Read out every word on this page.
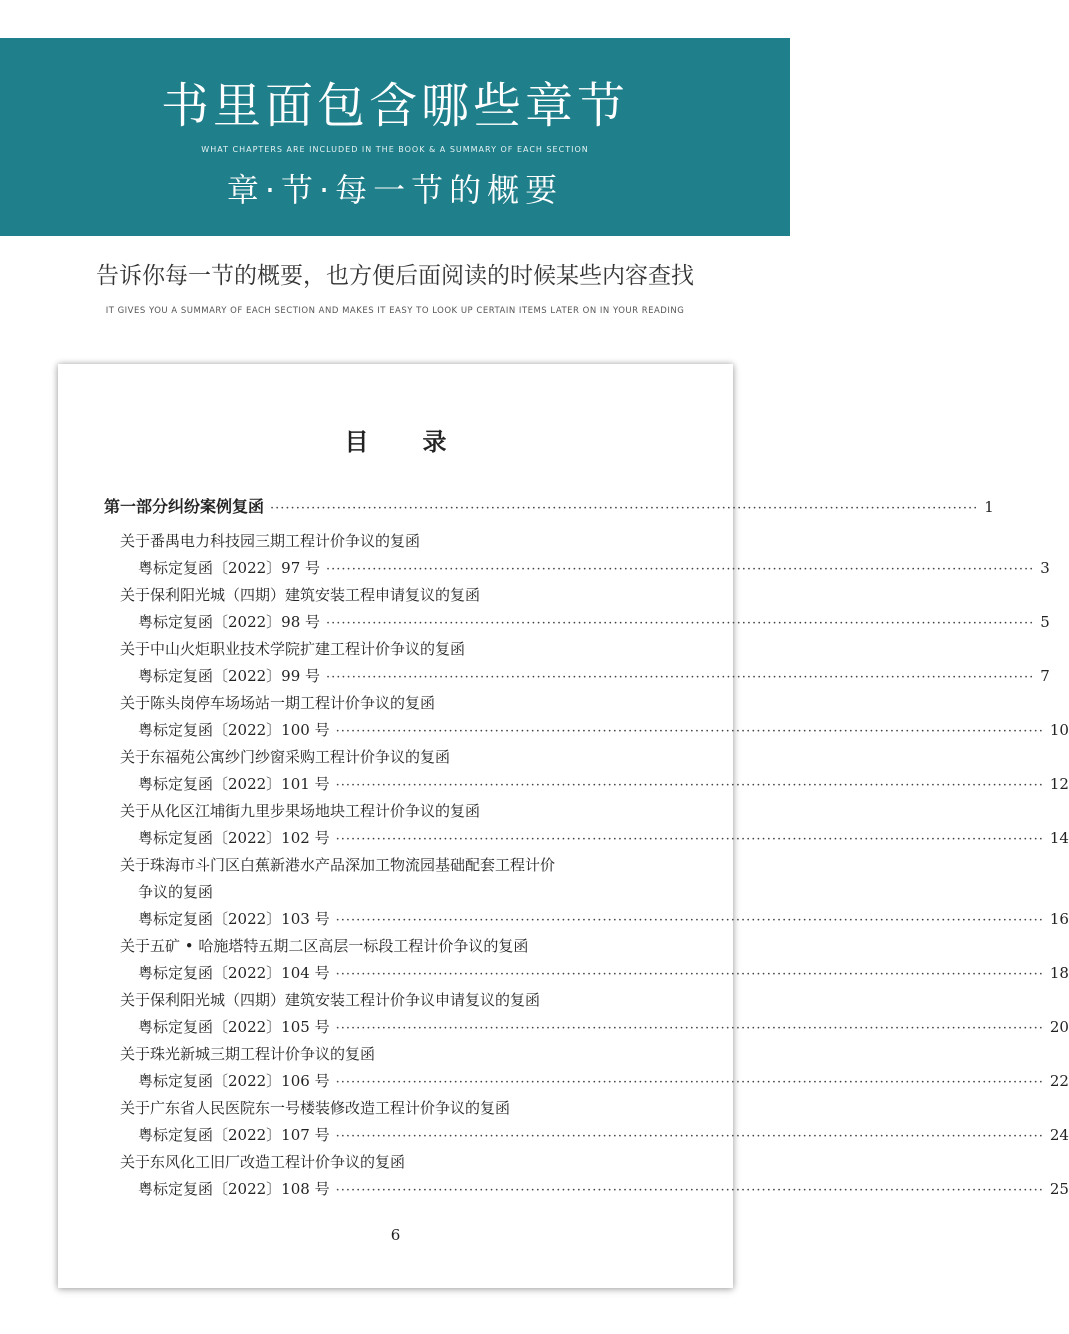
书里面包含哪些章节
WHAT CHAPTERS ARE INCLUDED IN THE BOOK & A SUMMARY OF EACH SECTION
章·节·每一节的概要
告诉你每一节的概要，也方便后面阅读的时候某些内容查找
IT GIVES YOU A SUMMARY OF EACH SECTION AND MAKES IT EASY TO LOOK UP CERTAIN ITEMS LATER ON IN YOUR READING
目录
第一部分 纠纷案例复函 ·········································································································································· 1
关于番禺电力科技园三期工程计价争议的复函
粤标定复函〔2022〕97 号 ·········································································································································· 3
关于保利阳光城（四期）建筑安装工程申请复议的复函
粤标定复函〔2022〕98 号 ·········································································································································· 5
关于中山火炬职业技术学院扩建工程计价争议的复函
粤标定复函〔2022〕99 号 ·········································································································································· 7
关于陈头岗停车场场站一期工程计价争议的复函
粤标定复函〔2022〕100 号 ·········································································································································· 10
关于东福苑公寓纱门纱窗采购工程计价争议的复函
粤标定复函〔2022〕101 号 ·········································································································································· 12
关于从化区江埔街九里步果场地块工程计价争议的复函
粤标定复函〔2022〕102 号 ·········································································································································· 14
关于珠海市斗门区白蕉新港水产品深加工物流园基础配套工程计价
争议的复函
粤标定复函〔2022〕103 号 ·········································································································································· 16
关于五矿 • 哈施塔特五期二区高层一标段工程计价争议的复函
粤标定复函〔2022〕104 号 ·········································································································································· 18
关于保利阳光城（四期）建筑安装工程计价争议申请复议的复函
粤标定复函〔2022〕105 号 ·········································································································································· 20
关于珠光新城三期工程计价争议的复函
粤标定复函〔2022〕106 号 ·········································································································································· 22
关于广东省人民医院东一号楼装修改造工程计价争议的复函
粤标定复函〔2022〕107 号 ·········································································································································· 24
关于东风化工旧厂改造工程计价争议的复函
粤标定复函〔2022〕108 号 ·········································································································································· 25
6
